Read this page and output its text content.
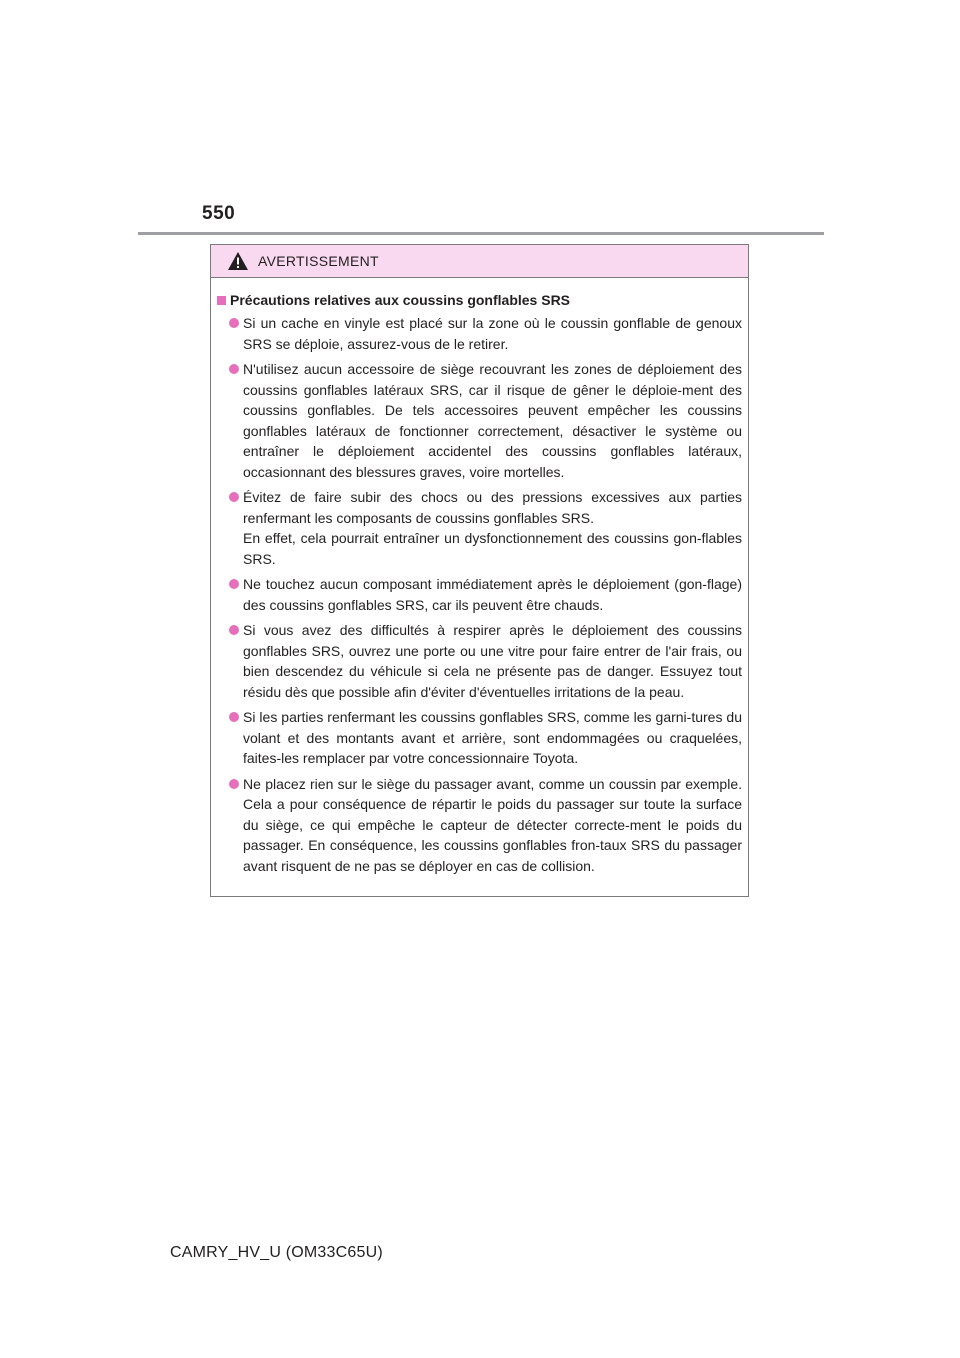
550
AVERTISSEMENT
Précautions relatives aux coussins gonflables SRS
Si un cache en vinyle est placé sur la zone où le coussin gonflable de genoux SRS se déploie, assurez-vous de le retirer.
N'utilisez aucun accessoire de siège recouvrant les zones de déploiement des coussins gonflables latéraux SRS, car il risque de gêner le déploie-ment des coussins gonflables. De tels accessoires peuvent empêcher les coussins gonflables latéraux de fonctionner correctement, désactiver le système ou entraîner le déploiement accidentel des coussins gonflables latéraux, occasionnant des blessures graves, voire mortelles.
Évitez de faire subir des chocs ou des pressions excessives aux parties renfermant les composants de coussins gonflables SRS.
En effet, cela pourrait entraîner un dysfonctionnement des coussins gon-flables SRS.
Ne touchez aucun composant immédiatement après le déploiement (gon-flage) des coussins gonflables SRS, car ils peuvent être chauds.
Si vous avez des difficultés à respirer après le déploiement des coussins gonflables SRS, ouvrez une porte ou une vitre pour faire entrer de l'air frais, ou bien descendez du véhicule si cela ne présente pas de danger. Essuyez tout résidu dès que possible afin d'éviter d'éventuelles irritations de la peau.
Si les parties renfermant les coussins gonflables SRS, comme les garni-tures du volant et des montants avant et arrière, sont endommagées ou craquelées, faites-les remplacer par votre concessionnaire Toyota.
Ne placez rien sur le siège du passager avant, comme un coussin par exemple. Cela a pour conséquence de répartir le poids du passager sur toute la surface du siège, ce qui empêche le capteur de détecter correcte-ment le poids du passager. En conséquence, les coussins gonflables fron-taux SRS du passager avant risquent de ne pas se déployer en cas de collision.
CAMRY_HV_U (OM33C65U)
